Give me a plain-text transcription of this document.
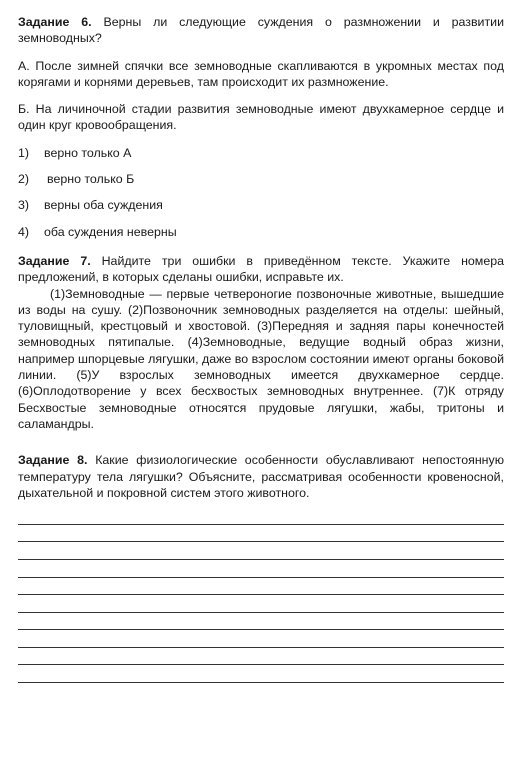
Задание 6. Верны ли следующие суждения о размножении и развитии земноводных?

А. После зимней спячки все земноводные скапливаются в укромных местах под корягами и корнями деревьев, там происходит их размножение.

Б. На личиночной стадии развития земноводные имеют двухкамерное сердце и один круг кровообращения.

1)	верно только А
2)	верно только Б
3)	верны оба суждения
4)	оба суждения неверны

Задание 7. Найдите три ошибки в приведённом тексте. Укажите номера предложений, в которых сделаны ошибки, исправьте их.

(1)Земноводные — первые четвероногие позвоночные животные, вышедшие из воды на сушу. (2)Позвоночник земноводных разделяется на отделы: шейный, туловищный, крестцовый и хвостовой. (3)Передняя и задняя пары конечностей земноводных пятипалые. (4)Земноводные, ведущие водный образ жизни, например шпорцевые лягушки, даже во взрослом состоянии имеют органы боковой линии. (5)У взрослых земноводных имеется двухкамерное сердце. (6)Оплодотворение у всех бесхвостых земноводных внутреннее. (7)К отряду Бесхвостые земноводные относятся прудовые лягушки, жабы, тритоны и саламандры.

Задание 8. Какие физиологические особенности обуславливают непостоянную температуру тела лягушки? Объясните, рассматривая особенности кровеносной, дыхательной и покровной систем этого животного.
